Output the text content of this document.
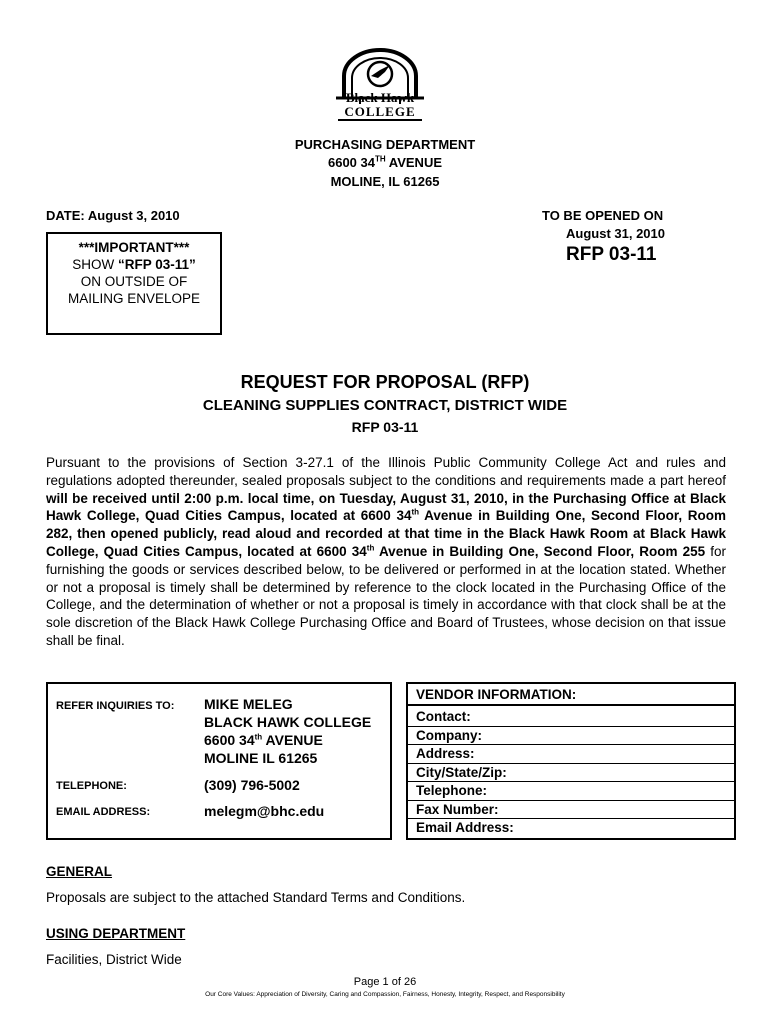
Black Hawk
COLLEGE
PURCHASING DEPARTMENT
6600 34TH AVENUE
MOLINE, IL 61265
DATE: August 3, 2010	TO BE OPENED ON
August 31, 2010
RFP 03-11
***IMPORTANT***
SHOW “RFP 03-11”
ON OUTSIDE OF
MAILING ENVELOPE
REQUEST FOR PROPOSAL (RFP)
CLEANING SUPPLIES CONTRACT, DISTRICT WIDE
RFP 03-11
Pursuant to the provisions of Section 3-27.1 of the Illinois Public Community College Act and rules and regulations adopted thereunder, sealed proposals subject to the conditions and requirements made a part hereof will be received until 2:00 p.m. local time, on Tuesday, August 31, 2010, in the Purchasing Office at Black Hawk College, Quad Cities Campus, located at 6600 34th Avenue in Building One, Second Floor, Room 282, then opened publicly, read aloud and recorded at that time in the Black Hawk Room at Black Hawk College, Quad Cities Campus, located at 6600 34th Avenue in Building One, Second Floor, Room 255 for furnishing the goods or services described below, to be delivered or performed in at the location stated. Whether or not a proposal is timely shall be determined by reference to the clock located in the Purchasing Office of the College, and the determination of whether or not a proposal is timely in accordance with that clock shall be at the sole discretion of the Black Hawk College Purchasing Office and Board of Trustees, whose decision on that issue shall be final.
REFER INQUIRIES TO: MIKE MELEG
BLACK HAWK COLLEGE
6600 34th AVENUE
MOLINE IL 61265
TELEPHONE:	(309) 796-5002
EMAIL ADDRESS:	melegm@bhc.edu
VENDOR INFORMATION:
Contact:
Company:
Address:
City/State/Zip:
Telephone:
Fax Number:
Email Address:
GENERAL
Proposals are subject to the attached Standard Terms and Conditions.
USING DEPARTMENT
Facilities, District Wide
Page 1 of 26
Our Core Values: Appreciation of Diversity, Caring and Compassion, Fairness, Honesty, Integrity, Respect, and Responsibility
